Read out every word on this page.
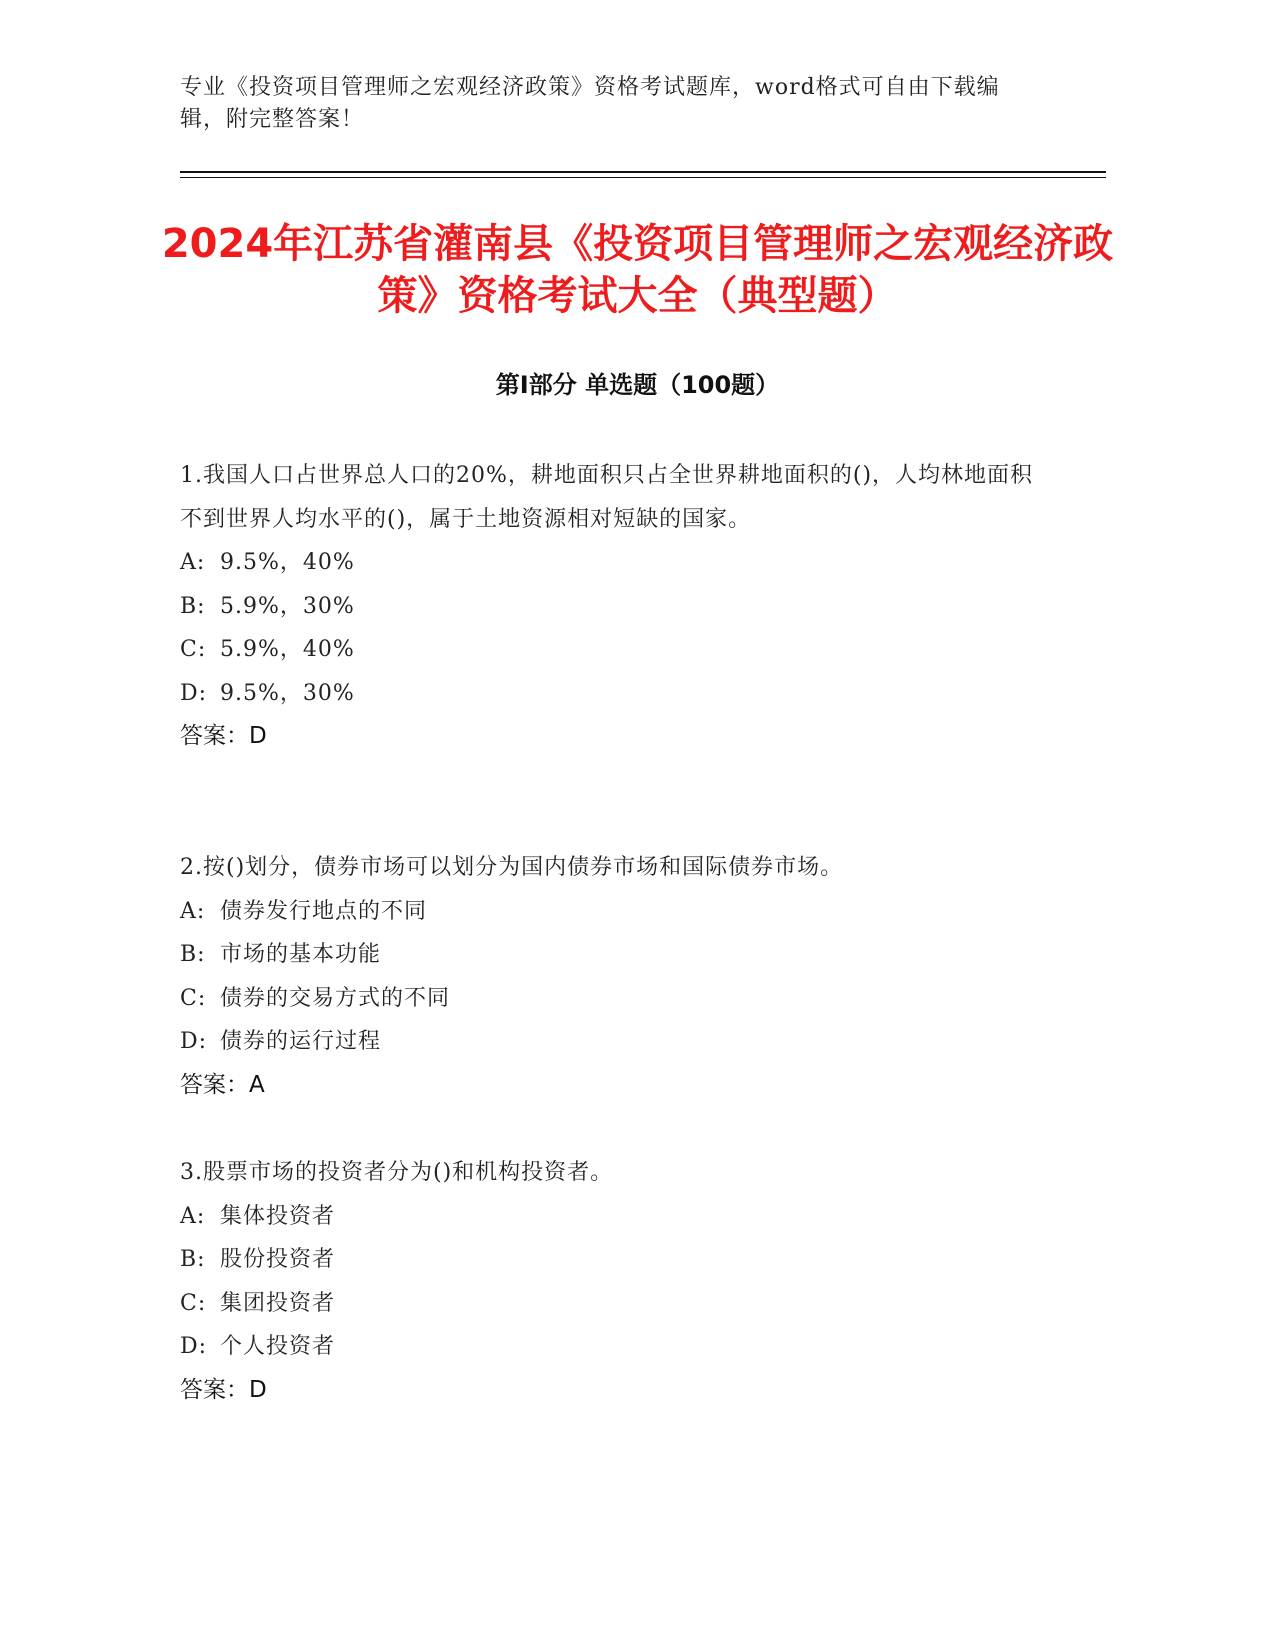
专业《投资项目管理师之宏观经济政策》资格考试题库，word格式可自由下载编辑，附完整答案！
2024年江苏省灌南县《投资项目管理师之宏观经济政策》资格考试大全（典型题）
第Ⅰ部分 单选题（100题）

1.我国人口占世界总人口的20%，耕地面积只占全世界耕地面积的()，人均林地面积不到世界人均水平的()，属于土地资源相对短缺的国家。

A: 9.5%，40%

B: 5.9%，30%

C: 5.9%，40%

D: 9.5%，30%

答案：D

2.按()划分，债券市场可以划分为国内债券市场和国际债券市场。

A: 债券发行地点的不同

B: 市场的基本功能

C: 债券的交易方式的不同

D: 债券的运行过程

答案：A

3.股票市场的投资者分为()和机构投资者。

A: 集体投资者

B: 股份投资者

C: 集团投资者

D: 个人投资者

答案：D
